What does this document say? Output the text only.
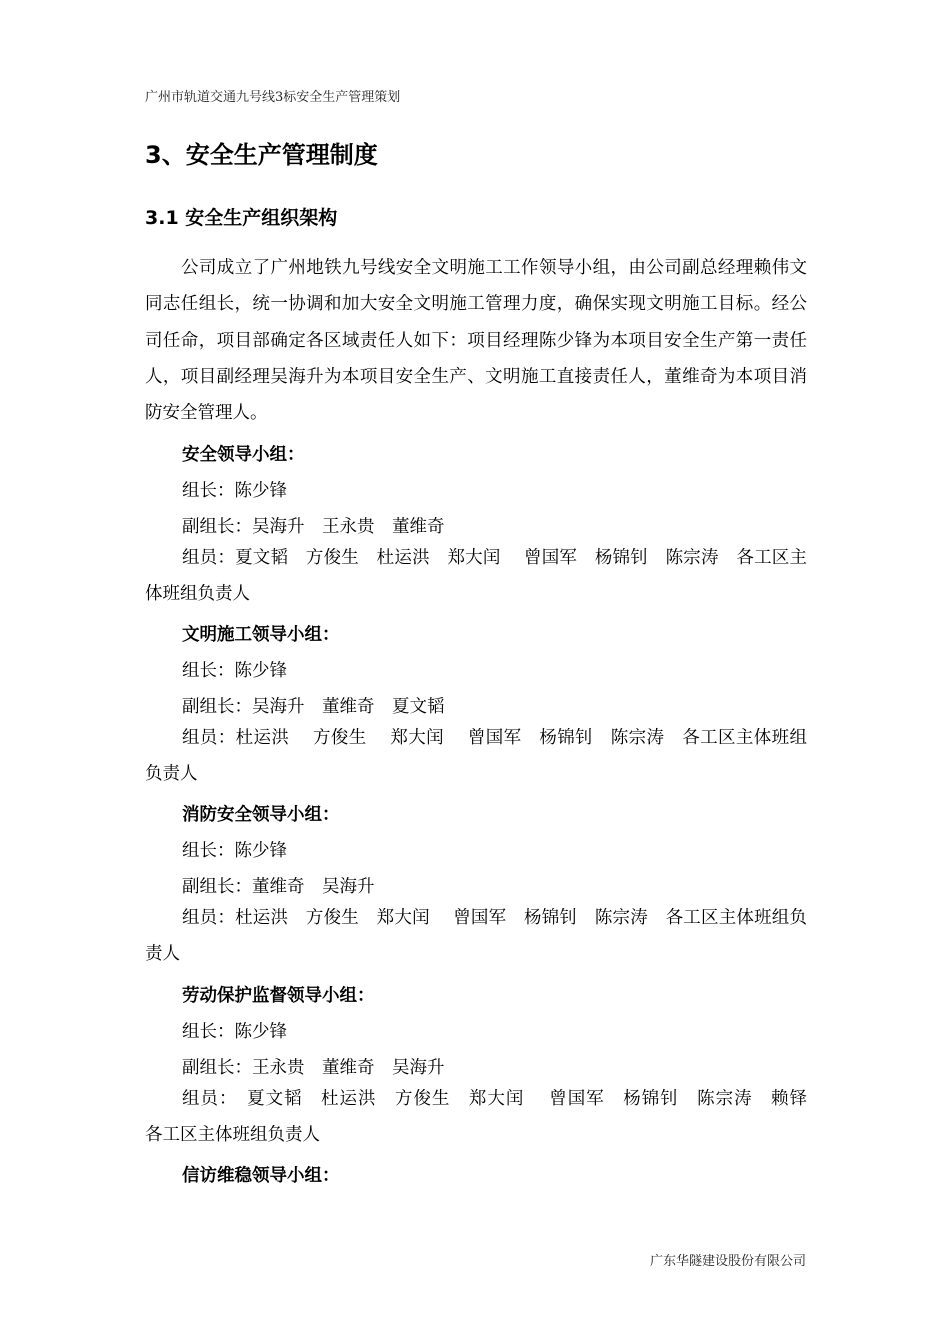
广州市轨道交通九号线3标安全生产管理策划
3、安全生产管理制度
3.1 安全生产组织架构

公司成立了广州地铁九号线安全文明施工工作领导小组，由公司副总经理赖伟文同志任组长，统一协调和加大安全文明施工管理力度，确保实现文明施工目标。经公司任命，项目部确定各区域责任人如下：项目经理陈少锋为本项目安全生产第一责任人，项目副经理吴海升为本项目安全生产、文明施工直接责任人，董维奇为本项目消防安全管理人。

安全领导小组：
组长：陈少锋
副组长：吴海升　王永贵　董维奇

组员：夏文韬　方俊生　杜运洪　郑大闰　 曾国军　杨锦钊　陈宗涛　各工区主体班组负责人

文明施工领导小组：
组长：陈少锋
副组长：吴海升　董维奇　夏文韬

组员：杜运洪　 方俊生　 郑大闰　 曾国军　杨锦钊　陈宗涛　各工区主体班组负责人

消防安全领导小组：
组长：陈少锋
副组长：董维奇　吴海升

组员：杜运洪　方俊生　郑大闰　 曾国军　杨锦钊　陈宗涛　各工区主体班组负责人

劳动保护监督领导小组：
组长：陈少锋
副组长：王永贵　董维奇　吴海升

组员：　夏文韬　杜运洪　方俊生　郑大闰　 曾国军　杨锦钊　陈宗涛　赖铎　各工区主体班组负责人

信访维稳领导小组：
广东华隧建设股份有限公司
